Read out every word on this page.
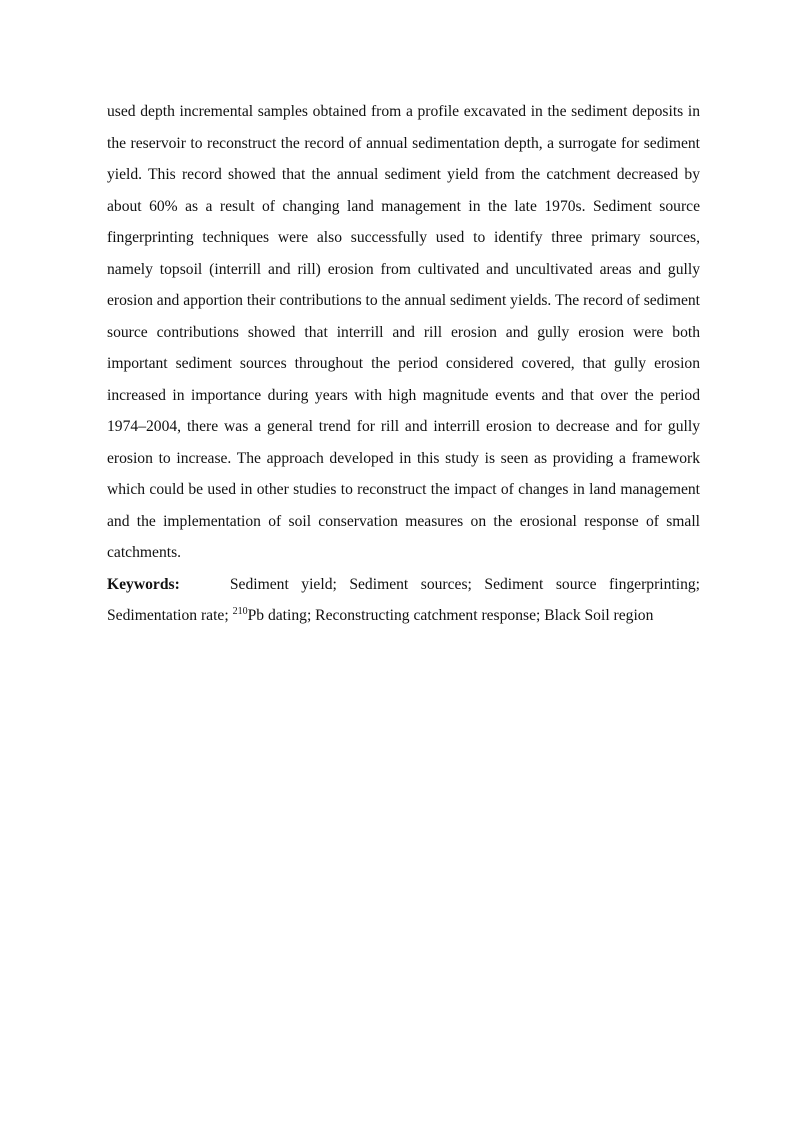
used depth incremental samples obtained from a profile excavated in the sediment deposits in the reservoir to reconstruct the record of annual sedimentation depth, a surrogate for sediment yield. This record showed that the annual sediment yield from the catchment decreased by about 60% as a result of changing land management in the late 1970s. Sediment source fingerprinting techniques were also successfully used to identify three primary sources, namely topsoil (interrill and rill) erosion from cultivated and uncultivated areas and gully erosion and apportion their contributions to the annual sediment yields. The record of sediment source contributions showed that interrill and rill erosion and gully erosion were both important sediment sources throughout the period considered covered, that gully erosion increased in importance during years with high magnitude events and that over the period 1974–2004, there was a general trend for rill and interrill erosion to decrease and for gully erosion to increase. The approach developed in this study is seen as providing a framework which could be used in other studies to reconstruct the impact of changes in land management and the implementation of soil conservation measures on the erosional response of small catchments.

Keywords:	Sediment yield; Sediment sources; Sediment source fingerprinting; Sedimentation rate; $^{210}$Pb dating; Reconstructing catchment response; Black Soil region
